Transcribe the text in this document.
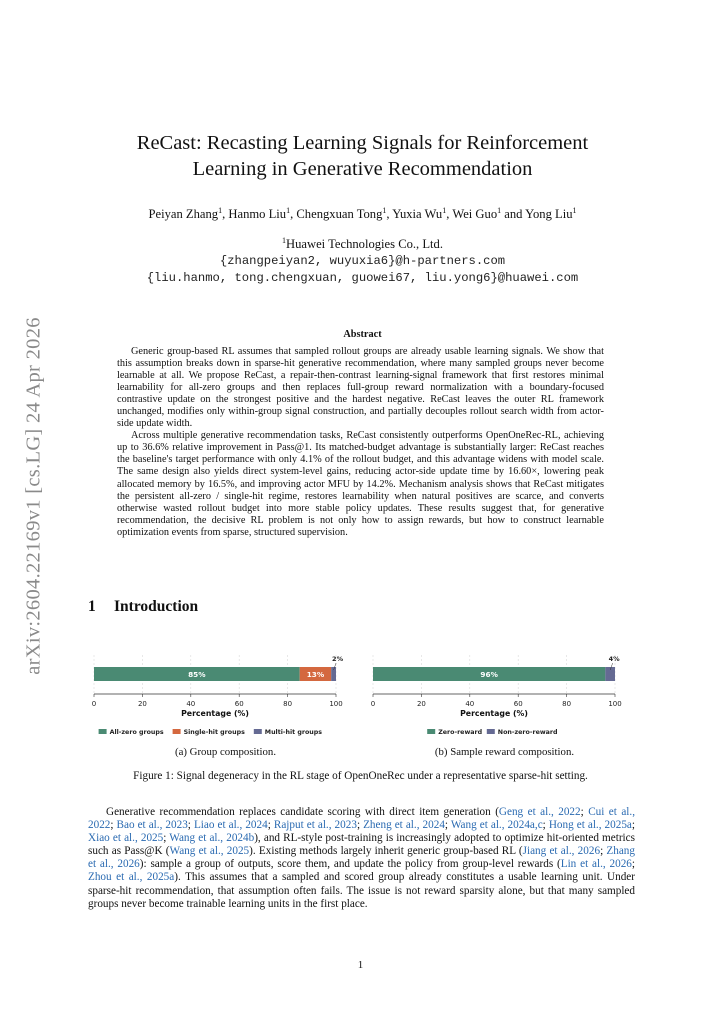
arXiv:2604.22169v1 [cs.LG] 24 Apr 2026
ReCast: Recasting Learning Signals for Reinforcement
Learning in Generative Recommendation
Peiyan Zhang$^1$, Hanmo Liu$^1$, Chengxuan Tong$^1$, Yuxia Wu$^1$, Wei Guo$^1$ and Yong Liu$^1$
$^1$Huawei Technologies Co., Ltd.
{zhangpeiyan2, wuyuxia6}@h-partners.com
{liu.hanmo, tong.chengxuan, guowei67, liu.yong6}@huawei.com
Abstract

Generic group-based RL assumes that sampled rollout groups are already usable learning signals. We show that this assumption breaks down in sparse-hit generative recommendation, where many sampled groups never become learnable at all. We propose ReCast, a repair-then-contrast learning-signal framework that first restores minimal learnability for all-zero groups and then replaces full-group reward normalization with a boundary-focused contrastive update on the strongest positive and the hardest negative. ReCast leaves the outer RL framework unchanged, modifies only within-group signal construction, and partially decouples rollout search width from actor-side update width.

Across multiple generative recommendation tasks, ReCast consistently outperforms OpenOneRec-RL, achieving up to 36.6% relative improvement in Pass@1. Its matched-budget advantage is substantially larger: ReCast reaches the baseline's target performance with only 4.1% of the rollout budget, and this advantage widens with model scale. The same design also yields direct system-level gains, reducing actor-side update time by 16.60×, lowering peak allocated memory by 16.5%, and improving actor MFU by 14.2%. Mechanism analysis shows that ReCast mitigates the persistent all-zero / single-hit regime, restores learnability when natural positives are scarce, and converts otherwise wasted rollout budget into more stable policy updates. These results suggest that, for generative recommendation, the decisive RL problem is not only how to assign rewards, but how to construct learnable optimization events from sparse, structured supervision.

1 Introduction
85%	13%
2%
0	20	40	60	80	100
Percentage (%)
All-zero groups	Single-hit groups	Multi-hit groups
96%
4%
0	20	40	60	80	100
Percentage (%)
Zero-reward Non-zero-reward
(a) Group composition.	(b) Sample reward composition.
Figure 1: Signal degeneracy in the RL stage of OpenOneRec under a representative sparse-hit setting.

Generative recommendation replaces candidate scoring with direct item generation (Geng et al., 2022; Cui et al., 2022; Bao et al., 2023; Liao et al., 2024; Rajput et al., 2023; Zheng et al., 2024; Wang et al., 2024a,c; Hong et al., 2025a; Xiao et al., 2025; Wang et al., 2024b), and RL-style post-training is increasingly adopted to optimize hit-oriented metrics such as Pass@K (Wang et al., 2025). Existing methods largely inherit generic group-based RL (Jiang et al., 2026; Zhang et al., 2026): sample a group of outputs, score them, and update the policy from group-level rewards (Lin et al., 2026; Zhou et al., 2025a). This assumes that a sampled and scored group already constitutes a usable learning unit. Under sparse-hit recommendation, that assumption often fails. The issue is not reward sparsity alone, but that many sampled groups never become trainable learning units in the first place.

1
